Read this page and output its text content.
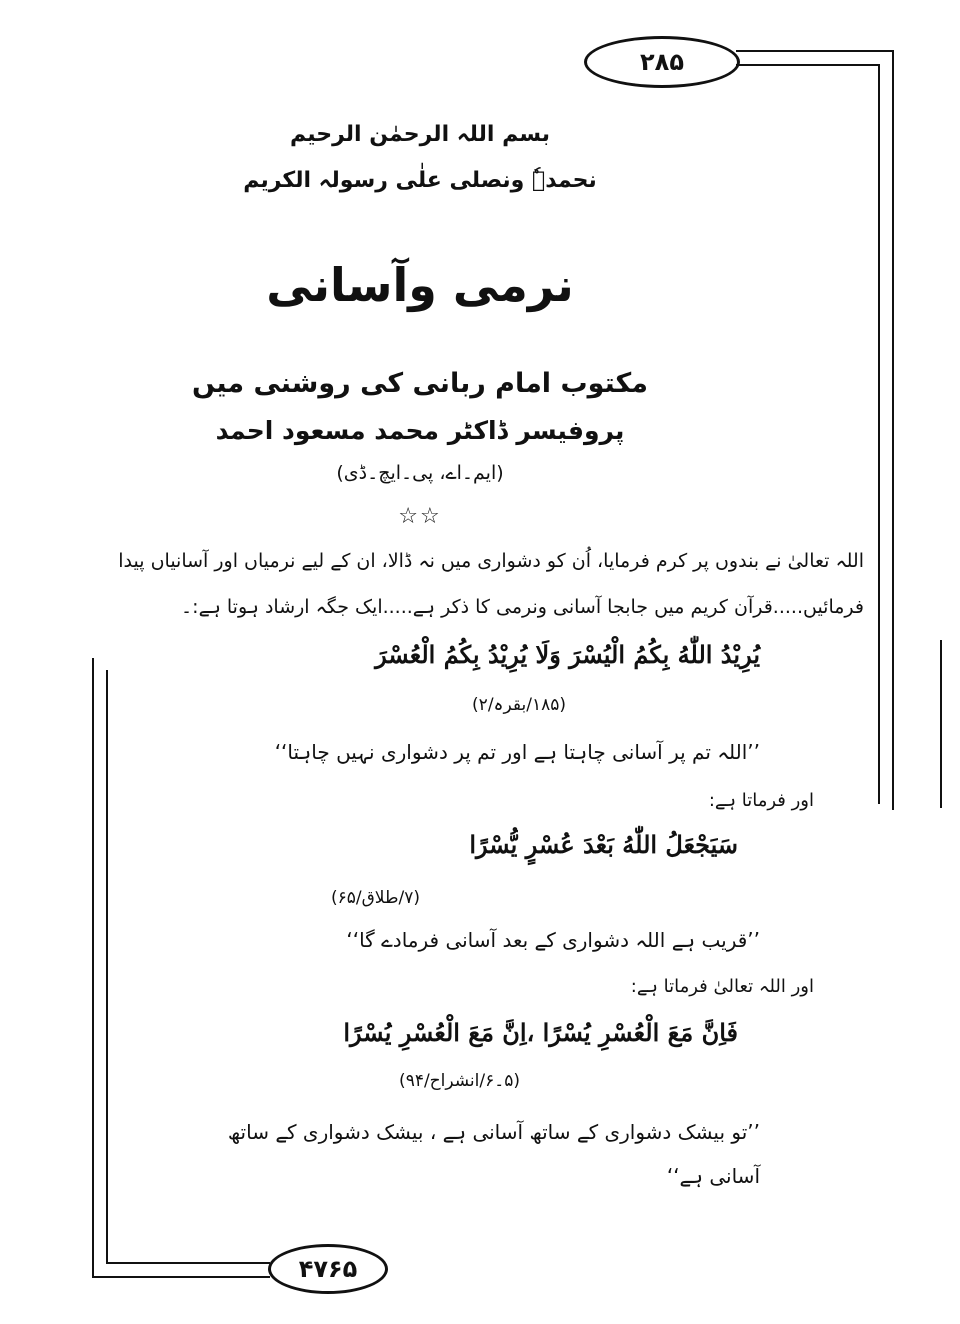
۲۸۵
۴۷۶۵
بسم اللہ الرحمٰن الرحیم
نحمدہٗ ونصلی علٰی رسولہ الکریم
نرمی وآسانی
مکتوب امام ربانی کی روشنی میں
پروفیسر ڈاکٹر محمد مسعود احمد
(ایم۔اے، پی۔ایچ۔ڈی)
☆☆
اللہ تعالیٰ نے بندوں پر کرم فرمایا، اُن کو دشواری میں نہ ڈالا، ان کے لیے نرمیاں اور آسانیاں پیدا
فرمائیں.....قرآن کریم میں جابجا آسانی ونرمی کا ذکر ہے.....ایک جگہ ارشاد ہوتا ہے:۔
يُرِيْدُ اللّٰهُ بِكُمُ الْيُسْرَ وَلَا يُرِيْدُ بِكُمُ الْعُسْرَ
(۱۸۵/بقرہ/۲)
’’اللہ تم پر آسانی چاہتا ہے اور تم پر دشواری نہیں چاہتا‘‘
اور فرماتا ہے:
سَيَجْعَلُ اللّٰهُ بَعْدَ عُسْرٍ يُّسْرًا
(۷/طلاق/۶۵)
’’قریب ہے اللہ دشواری کے بعد آسانی فرمادے گا‘‘
اور اللہ تعالیٰ فرماتا ہے:
فَاِنَّ مَعَ الْعُسْرِ يُسْرًا ،اِنَّ مَعَ الْعُسْرِ يُسْرًا
(۵۔۶/انشراح/۹۴)
’’تو بیشک دشواری کے ساتھ آسانی ہے ، بیشک دشواری کے ساتھ
آسانی ہے‘‘
